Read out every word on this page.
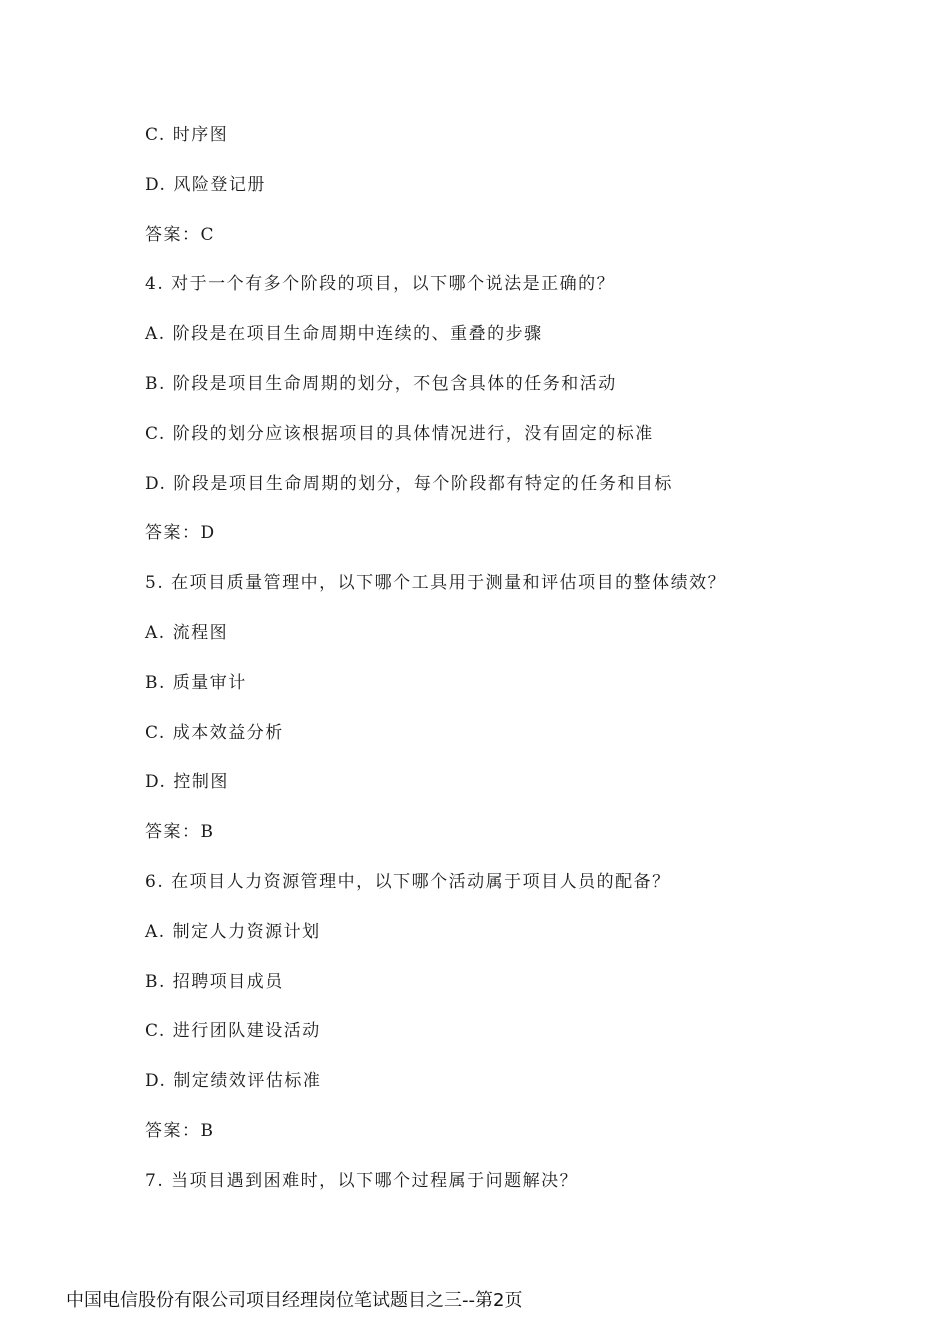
C. 时序图
D. 风险登记册
答案：C
4. 对于一个有多个阶段的项目，以下哪个说法是正确的？
A. 阶段是在项目生命周期中连续的、重叠的步骤
B. 阶段是项目生命周期的划分，不包含具体的任务和活动
C. 阶段的划分应该根据项目的具体情况进行，没有固定的标准
D. 阶段是项目生命周期的划分，每个阶段都有特定的任务和目标
答案：D
5. 在项目质量管理中，以下哪个工具用于测量和评估项目的整体绩效？
A. 流程图
B. 质量审计
C. 成本效益分析
D. 控制图
答案：B
6. 在项目人力资源管理中，以下哪个活动属于项目人员的配备？
A. 制定人力资源计划
B. 招聘项目成员
C. 进行团队建设活动
D. 制定绩效评估标准
答案：B
7. 当项目遇到困难时，以下哪个过程属于问题解决？
中国电信股份有限公司项目经理岗位笔试题目之三--第2页
